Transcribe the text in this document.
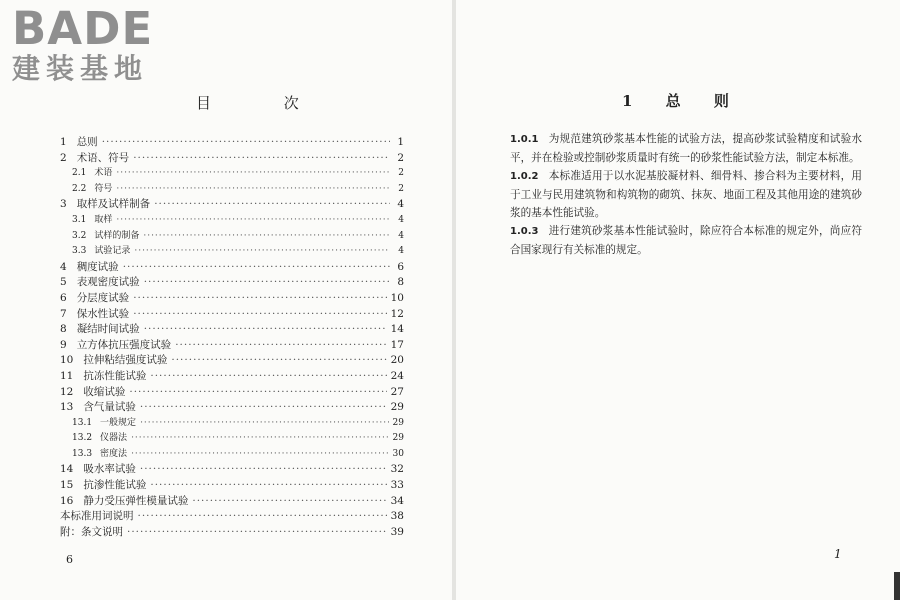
BADE
建装基地
目 次
1 总则 ·····	1
2 术语、符号 ·····	2
2.1 术语 ·····	2
2.2 符号 ·····	2
3 取样及试样制备 ·····	4
3.1 取样 ·····	4
3.2 试样的制备 ·····	4
3.3 试验记录 ·····	4
4 稠度试验 ·····	6
5 表观密度试验 ·····	8
6 分层度试验 ·····	10
7 保水性试验 ·····	12
8 凝结时间试验 ·····	14
9 立方体抗压强度试验 ·····	17
10 拉伸粘结强度试验 ·····	20
11 抗冻性能试验 ·····	24
12 收缩试验 ·····	27
13 含气量试验 ·····	29
13.1 一般规定 ·····	29
13.2 仪器法 ·····	29
13.3 密度法 ·····	30
14 吸水率试验 ·····	32
15 抗渗性能试验 ·····	33
16 静力受压弹性模量试验 ·····	34
本标准用词说明 ·····	38
附：条文说明 ·····	39
6
1 总 则

1.0.1 为规范建筑砂浆基本性能的试验方法，提高砂浆试验精度和试验水平，并在检验或控制砂浆质量时有统一的砂浆性能试验方法，制定本标准。

1.0.2 本标准适用于以水泥基胶凝材料、细骨料、掺合料为主要材料，用于工业与民用建筑物和构筑物的砌筑、抹灰、地面工程及其他用途的建筑砂浆的基本性能试验。

1.0.3 进行建筑砂浆基本性能试验时，除应符合本标准的规定外，尚应符合国家现行有关标准的规定。

1
